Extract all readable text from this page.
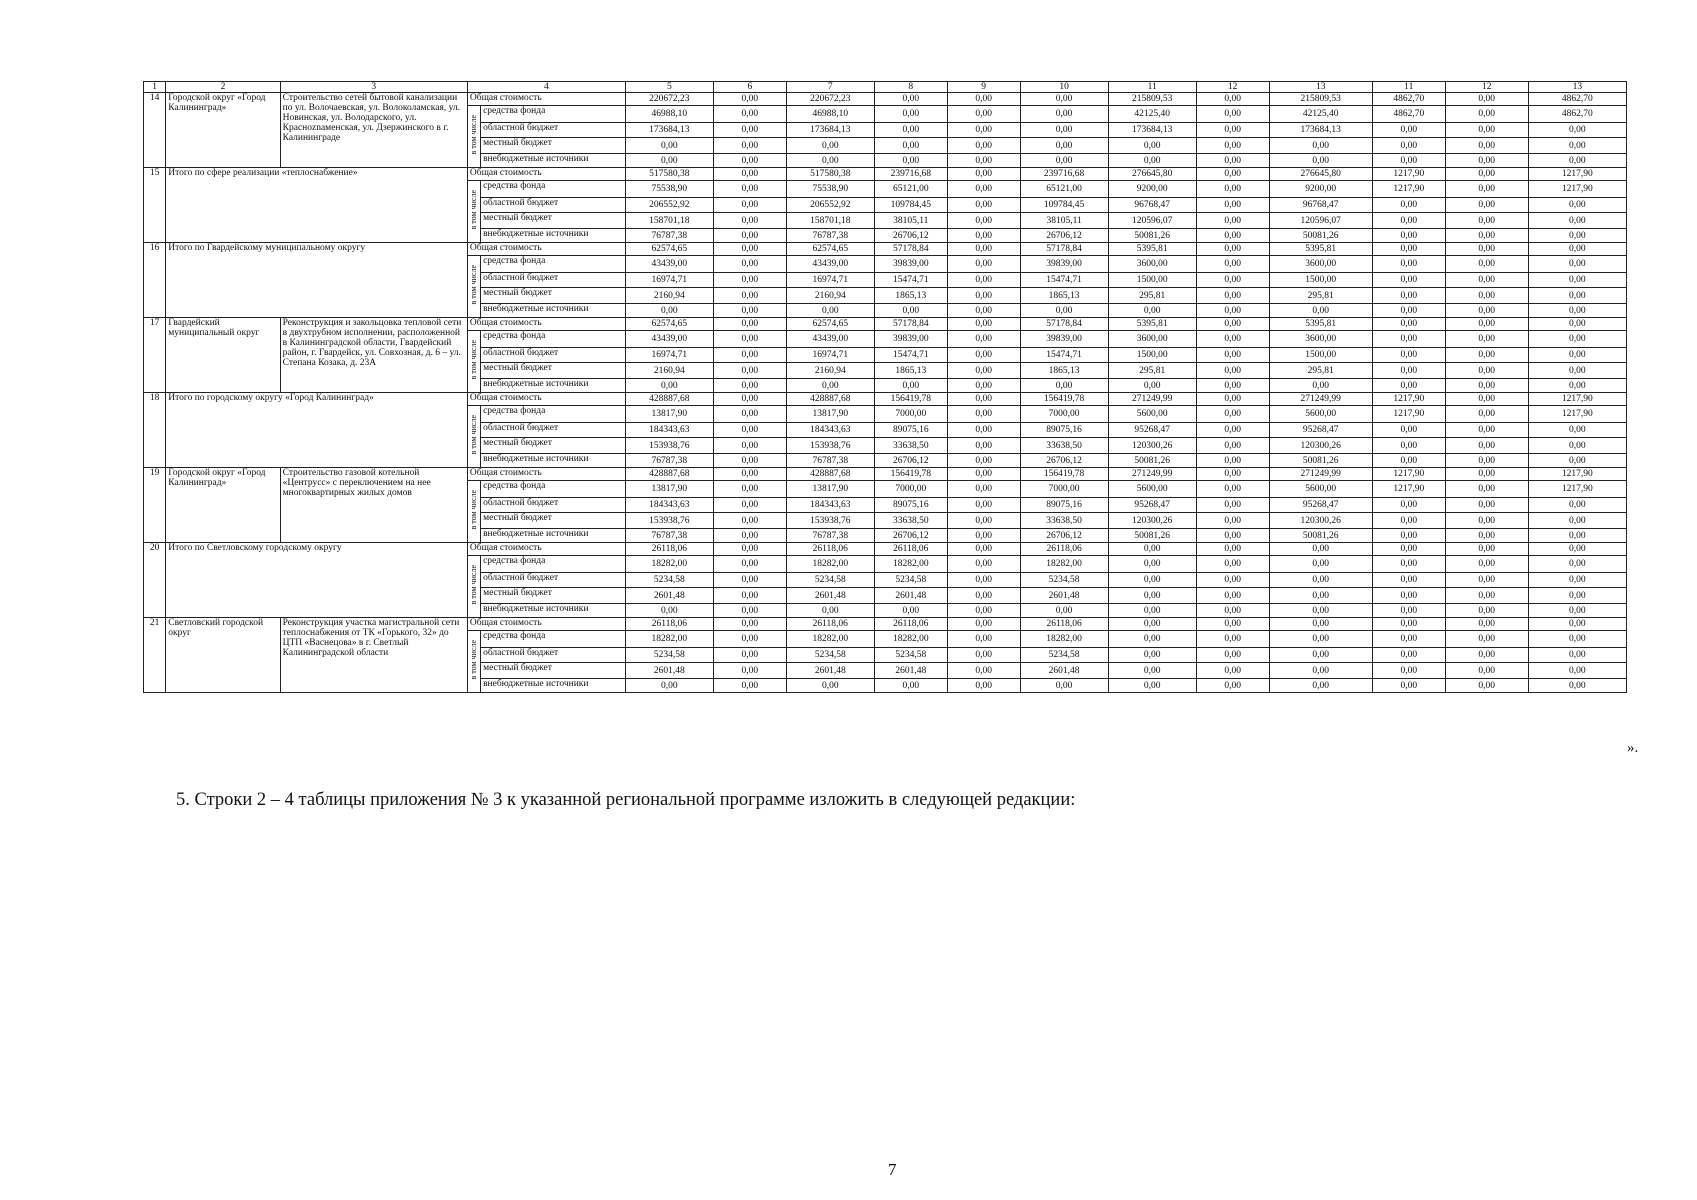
1	2	3	4		5	6	7	8	9	10	11	12	13	11	12	13
14	Городской округ «Город Калининград»	Строительство сетей бытовой канализации по ул. Волочаевская, ул. Волоколамская, ул. Новинская, ул. Володарского, ул. Красноznаменская, ул. Дзержинского в г. Калининграде	Общая стоимость		220672,23	0,00	220672,23	0,00	0,00	0,00	215809,53	0,00	215809,53	4862,70	0,00	4862,70
			в том числе	средства фонда	46988,10	0,00	46988,10	0,00	0,00	0,00	42125,40	0,00	42125,40	4862,70	0,00	4862,70
				областной бюджет	173684,13	0,00	173684,13	0,00	0,00	0,00	173684,13	0,00	173684,13	0,00	0,00	0,00
				местный бюджет	0,00	0,00	0,00	0,00	0,00	0,00	0,00	0,00	0,00	0,00	0,00	0,00
				внебюджетные источники	0,00	0,00	0,00	0,00	0,00	0,00	0,00	0,00	0,00	0,00	0,00	0,00
15	Итого по сфере реализации «теплоснабжение»		Общая стоимость		517580,38	0,00	517580,38	239716,68	0,00	239716,68	276645,80	0,00	276645,80	1217,90	0,00	1217,90
			в том числе	средства фонда	75538,90	0,00	75538,90	65121,00	0,00	65121,00	9200,00	0,00	9200,00	1217,90	0,00	1217,90
				областной бюджет	206552,92	0,00	206552,92	109784,45	0,00	109784,45	96768,47	0,00	96768,47	0,00	0,00	0,00
				местный бюджет	158701,18	0,00	158701,18	38105,11	0,00	38105,11	120596,07	0,00	120596,07	0,00	0,00	0,00
				внебюджетные источники	76787,38	0,00	76787,38	26706,12	0,00	26706,12	50081,26	0,00	50081,26	0,00	0,00	0,00
16	Итого по Гвардейскому муниципальному округу		Общая стоимость		62574,65	0,00	62574,65	57178,84	0,00	57178,84	5395,81	0,00	5395,81	0,00	0,00	0,00
			в том числе	средства фонда	43439,00	0,00	43439,00	39839,00	0,00	39839,00	3600,00	0,00	3600,00	0,00	0,00	0,00
				областной бюджет	16974,71	0,00	16974,71	15474,71	0,00	15474,71	1500,00	0,00	1500,00	0,00	0,00	0,00
				местный бюджет	2160,94	0,00	2160,94	1865,13	0,00	1865,13	295,81	0,00	295,81	0,00	0,00	0,00
				внебюджетные источники	0,00	0,00	0,00	0,00	0,00	0,00	0,00	0,00	0,00	0,00	0,00	0,00
17	Гвардейский муниципальный округ	Реконструкция и закольцовка тепловой сети в двухтрубном исполнении, расположенной в Калининградской области, Гвардейский район, г. Гвардейск, ул. Совхозная, д. 6 – ул. Степана Козака, д. 23А	Общая стоимость		62574,65	0,00	62574,65	57178,84	0,00	57178,84	5395,81	0,00	5395,81	0,00	0,00	0,00
			в том числе	средства фонда	43439,00	0,00	43439,00	39839,00	0,00	39839,00	3600,00	0,00	3600,00	0,00	0,00	0,00
				областной бюджет	16974,71	0,00	16974,71	15474,71	0,00	15474,71	1500,00	0,00	1500,00	0,00	0,00	0,00
				местный бюджет	2160,94	0,00	2160,94	1865,13	0,00	1865,13	295,81	0,00	295,81	0,00	0,00	0,00
				внебюджетные источники	0,00	0,00	0,00	0,00	0,00	0,00	0,00	0,00	0,00	0,00	0,00	0,00
18	Итого по городскому округу «Город Калининград»		Общая стоимость		428887,68	0,00	428887,68	156419,78	0,00	156419,78	271249,99	0,00	271249,99	1217,90	0,00	1217,90
			в том числе	средства фонда	13817,90	0,00	13817,90	7000,00	0,00	7000,00	5600,00	0,00	5600,00	1217,90	0,00	1217,90
				областной бюджет	184343,63	0,00	184343,63	89075,16	0,00	89075,16	95268,47	0,00	95268,47	0,00	0,00	0,00
				местный бюджет	153938,76	0,00	153938,76	33638,50	0,00	33638,50	120300,26	0,00	120300,26	0,00	0,00	0,00
				внебюджетные источники	76787,38	0,00	76787,38	26706,12	0,00	26706,12	50081,26	0,00	50081,26	0,00	0,00	0,00
19	Городской округ «Город Калининград»	Строительство газовой котельной «Центрусс» с переключением на нее многоквартирных жилых домов	Общая стоимость		428887,68	0,00	428887,68	156419,78	0,00	156419,78	271249,99	0,00	271249,99	1217,90	0,00	1217,90
			в том числе	средства фонда	13817,90	0,00	13817,90	7000,00	0,00	7000,00	5600,00	0,00	5600,00	1217,90	0,00	1217,90
				областной бюджет	184343,63	0,00	184343,63	89075,16	0,00	89075,16	95268,47	0,00	95268,47	0,00	0,00	0,00
				местный бюджет	153938,76	0,00	153938,76	33638,50	0,00	33638,50	120300,26	0,00	120300,26	0,00	0,00	0,00
				внебюджетные источники	76787,38	0,00	76787,38	26706,12	0,00	26706,12	50081,26	0,00	50081,26	0,00	0,00	0,00
20	Итого по Светловскому городскому округу		Общая стоимость		26118,06	0,00	26118,06	26118,06	0,00	26118,06	0,00	0,00	0,00	0,00	0,00	0,00
			в том числе	средства фонда	18282,00	0,00	18282,00	18282,00	0,00	18282,00	0,00	0,00	0,00	0,00	0,00	0,00
				областной бюджет	5234,58	0,00	5234,58	5234,58	0,00	5234,58	0,00	0,00	0,00	0,00	0,00	0,00
				местный бюджет	2601,48	0,00	2601,48	2601,48	0,00	2601,48	0,00	0,00	0,00	0,00	0,00	0,00
				внебюджетные источники	0,00	0,00	0,00	0,00	0,00	0,00	0,00	0,00	0,00	0,00	0,00	0,00
21	Светловский городской округ	Реконструкция участка магистральной сети теплоснабжения от ТК «Горького, 32» до ЦТП «Васнецова» в г. Светлый Калининградской области	Общая стоимость		26118,06	0,00	26118,06	26118,06	0,00	26118,06	0,00	0,00	0,00	0,00	0,00	0,00
			в том числе	средства фонда	18282,00	0,00	18282,00	18282,00	0,00	18282,00	0,00	0,00	0,00	0,00	0,00	0,00
				областной бюджет	5234,58	0,00	5234,58	5234,58	0,00	5234,58	0,00	0,00	0,00	0,00	0,00	0,00
				местный бюджет	2601,48	0,00	2601,48	2601,48	0,00	2601,48	0,00	0,00	0,00	0,00	0,00	0,00
				внебюджетные источники	0,00	0,00	0,00	0,00	0,00	0,00	0,00	0,00	0,00	0,00	0,00	0,00
».
5. Строки 2 – 4 таблицы приложения № 3 к указанной региональной программе изложить в следующей редакции:
7
